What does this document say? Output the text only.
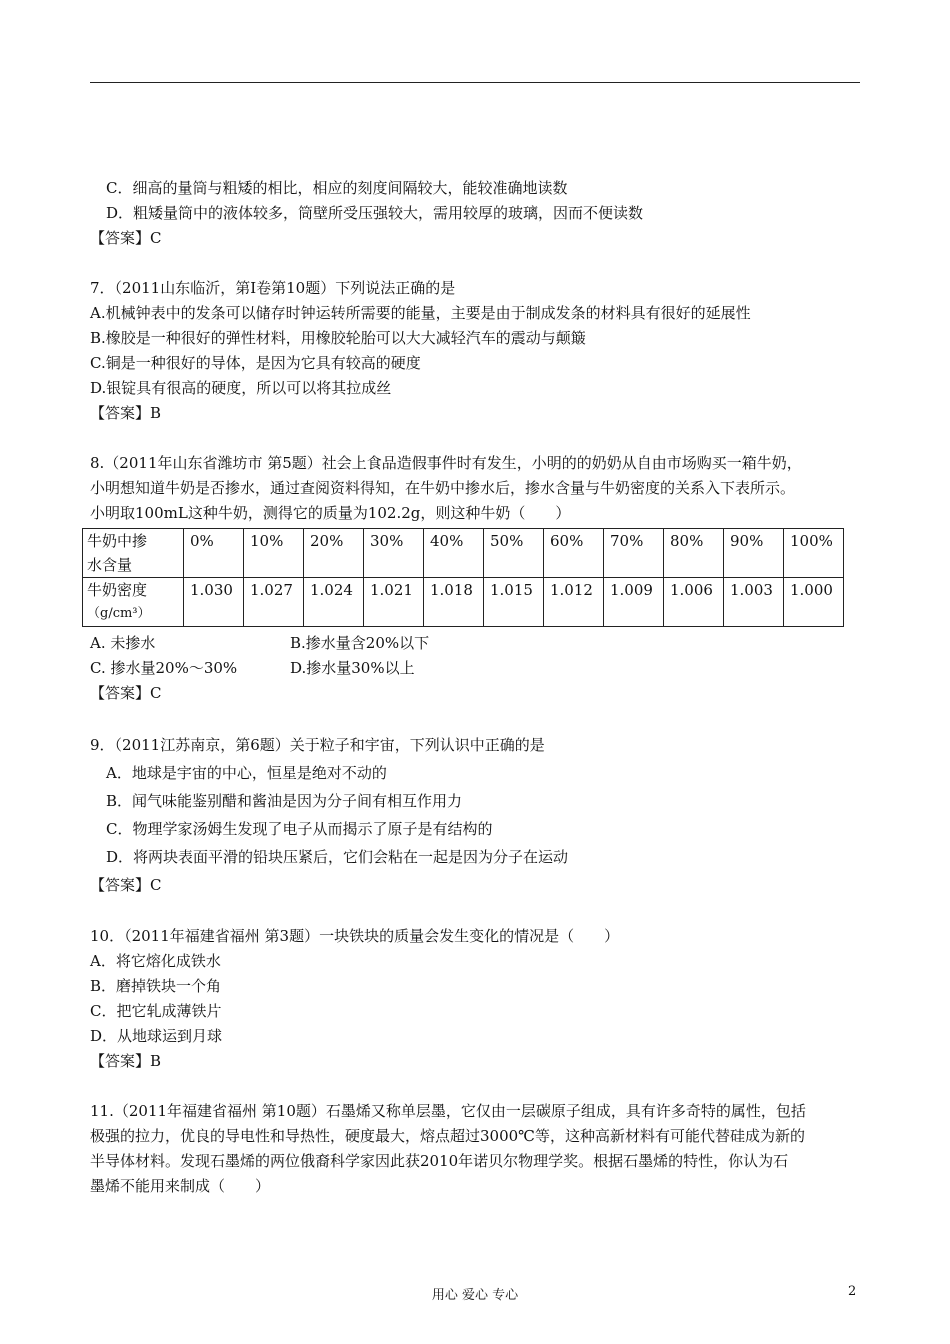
C．细高的量筒与粗矮的相比，相应的刻度间隔较大，能较准确地读数
D．粗矮量筒中的液体较多，筒壁所受压强较大，需用较厚的玻璃，因而不便读数
【答案】C
7．（2011山东临沂，第Ⅰ卷第10题）下列说法正确的是
A.机械钟表中的发条可以储存时钟运转所需要的能量，主要是由于制成发条的材料具有很好的延展性
B.橡胶是一种很好的弹性材料，用橡胶轮胎可以大大减轻汽车的震动与颠簸
C.铜是一种很好的导体，是因为它具有较高的硬度
D.银锭具有很高的硬度，所以可以将其拉成丝
【答案】B
8.（2011年山东省潍坊市 第5题）社会上食品造假事件时有发生，小明的的奶奶从自由市场购买一箱牛奶，
小明想知道牛奶是否掺水，通过查阅资料得知，在牛奶中掺水后，掺水含量与牛奶密度的关系入下表所示。
小明取100mL这种牛奶，测得它的质量为102.2g，则这种牛奶（　　）
牛奶中掺
水含量	0%	10%	20%	30%	40%	50%	60%	70%	80%	90%	100%

牛奶密度
（g/cm³）	1.030	1.027	1.024	1.021	1.018	1.015	1.012	1.009	1.006	1.003	1.000
A. 未掺水	B.掺水量含20%以下
C. 掺水量20%～30%	D.掺水量30%以上
【答案】C
9．（2011江苏南京，第6题）关于粒子和宇宙，下列认识中正确的是
A．地球是宇宙的中心，恒星是绝对不动的
B．闻气味能鉴别醋和酱油是因为分子间有相互作用力
C．物理学家汤姆生发现了电子从而揭示了原子是有结构的
D．将两块表面平滑的铅块压紧后，它们会粘在一起是因为分子在运动
【答案】C
10．（2011年福建省福州 第3题）一块铁块的质量会发生变化的情况是（　　）
A．将它熔化成铁水
B．磨掉铁块一个角
C．把它轧成薄铁片
D．从地球运到月球
【答案】B
11.（2011年福建省福州 第10题）石墨烯又称单层墨，它仅由一层碳原子组成，具有许多奇特的属性，包括
极强的拉力，优良的导电性和导热性，硬度最大，熔点超过3000℃等，这种高新材料有可能代替硅成为新的
半导体材料。发现石墨烯的两位俄裔科学家因此获2010年诺贝尔物理学奖。根据石墨烯的特性，你认为石
墨烯不能用来制成（　　）
用心 爱心 专心	2
